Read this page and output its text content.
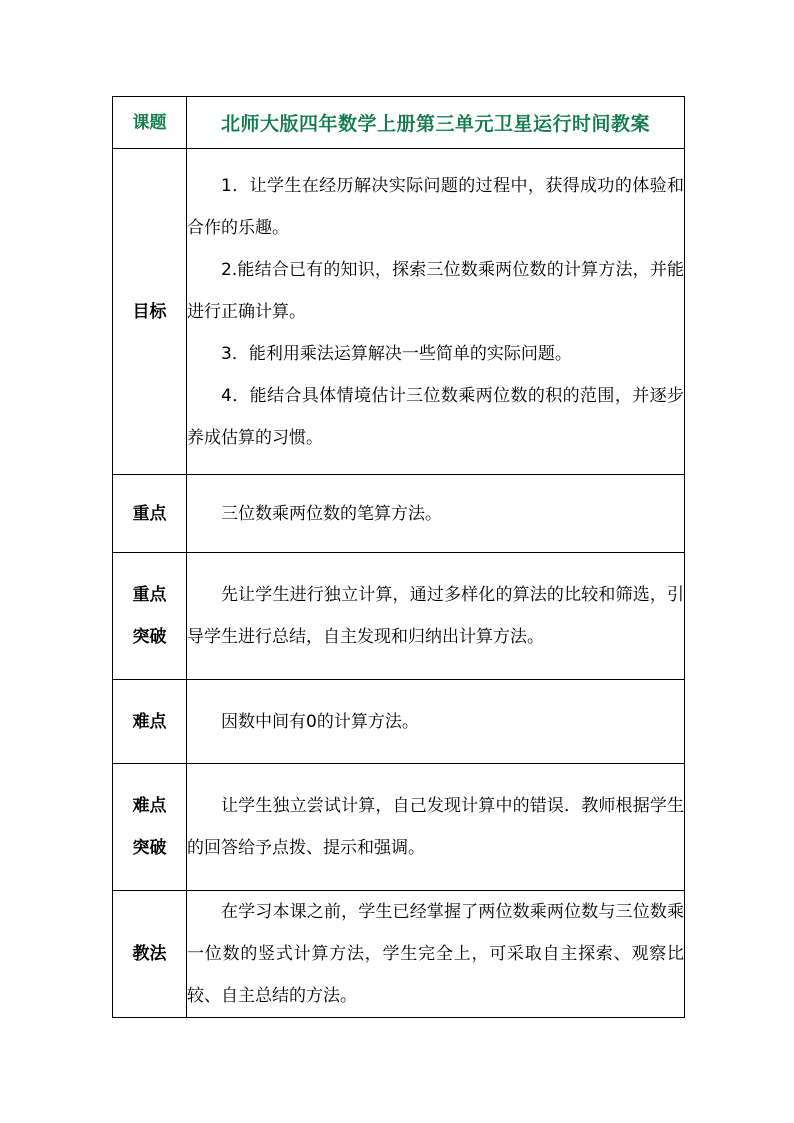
课题	北师大版四年数学上册第三单元卫星运行时间教案
目标	1．让学生在经历解决实际问题的过程中，获得成功的体验和合作的乐趣。

2.能结合已有的知识，探索三位数乘两位数的计算方法，并能进行正确计算。

3．能利用乘法运算解决一些简单的实际问题。

4．能结合具体情境估计三位数乘两位数的积的范围，并逐步养成估算的习惯。

重点	三位数乘两位数的笔算方法。

重点
突破	先让学生进行独立计算，通过多样化的算法的比较和筛选，引导学生进行总结，自主发现和归纳出计算方法。

难点	因数中间有0的计算方法。

难点
突破	让学生独立尝试计算，自己发现计算中的错误．教师根据学生的回答给予点拨、提示和强调。

教法	在学习本课之前，学生已经掌握了两位数乘两位数与三位数乘一位数的竖式计算方法，学生完全上，可采取自主探索、观察比较、自主总结的方法。
